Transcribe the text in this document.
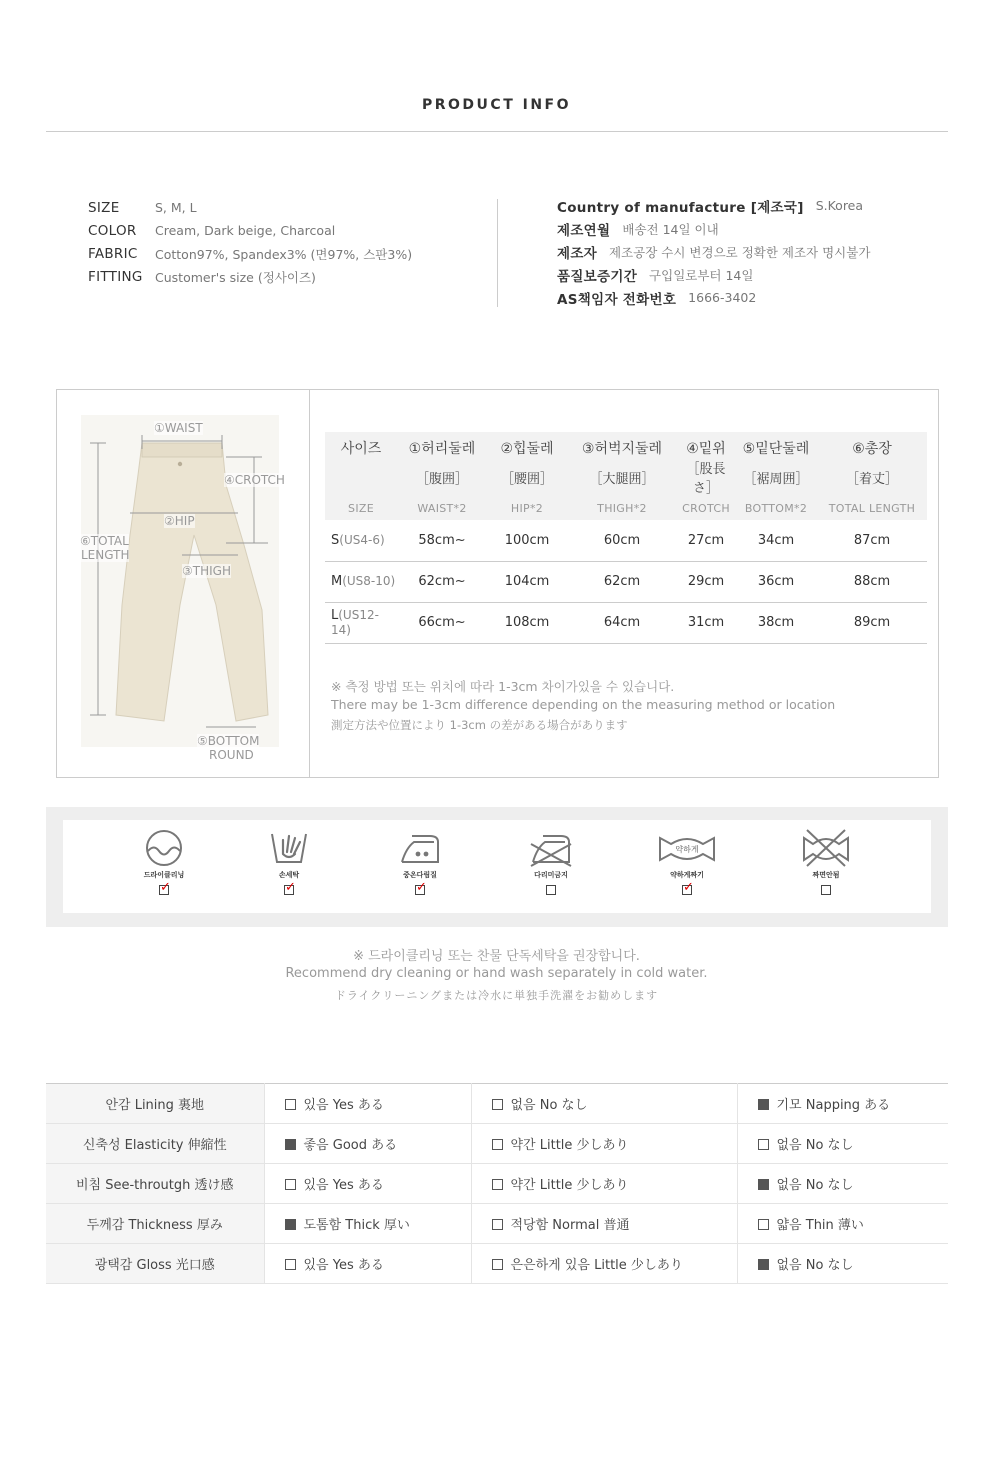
PRODUCT INFO
SIZE	S, M, L
COLOR	Cream, Dark beige, Charcoal
FABRIC	Cotton97%, Spandex3% (면97%, 스판3%)
FITTING Customer's size (정사이즈)
Country of manufacture [제조국] S.Korea
제조연월 배송전 14일 이내
제조자 제조공장 수시 변경으로 정확한 제조자 명시불가
품질보증기간 구입일로부터 14일
AS책임자 전화번호 1666-3402
①WAIST
④CROTCH
②HIP
⑥TOTAL
LENGTH
③THIGH
⑤BOTTOM
ROUND
사이즈	①허리둘레	②힙둘레	③허벅지둘레	④밑위	⑤밑단둘레	⑥총장
	［腹囲］	［腰囲］	［大腿囲］	［股長さ］	［裾周囲］	［着丈］
SIZE	WAIST*2	HIP*2	THIGH*2	CROTCH	BOTTOM*2	TOTAL LENGTH
S(US4-6)	58cm~	100cm	60cm	27cm	34cm	87cm
M(US8-10)	62cm~	104cm	62cm	29cm	36cm	88cm
L(US12-14)	66cm~	108cm	64cm	31cm	38cm	89cm
※ 측정 방법 또는 위치에 따라 1-3cm 차이가있을 수 있습니다.
There may be 1-3cm difference depending on the measuring method or location
測定方法や位置により 1-3cm の差がある場合があります
드라이클리닝
✓	손세탁
✓	중온다림질
✓	다리미금지
약하게
약하게짜기
✓	짜면안됨
※ 드라이클리닝 또는 찬물 단독세탁을 권장합니다.
Recommend dry cleaning or hand wash separately in cold water.
ドライクリーニングまたは冷水に単独手洗濯をお勧めします
안감 Lining 裏地	있음 Yes ある	없음 No なし	기모 Napping ある
신축성 Elasticity 伸縮性	좋음 Good ある	약간 Little 少しあり	없음 No なし
비침 See-throutgh 透け感	있음 Yes ある	약간 Little 少しあり	없음 No なし
두께감 Thickness 厚み	도톰함 Thick 厚い	적당함 Normal 普通	얇음 Thin 薄い
광택감 Gloss 光口感	있음 Yes ある	은은하게 있음 Little 少しあり	없음 No なし
